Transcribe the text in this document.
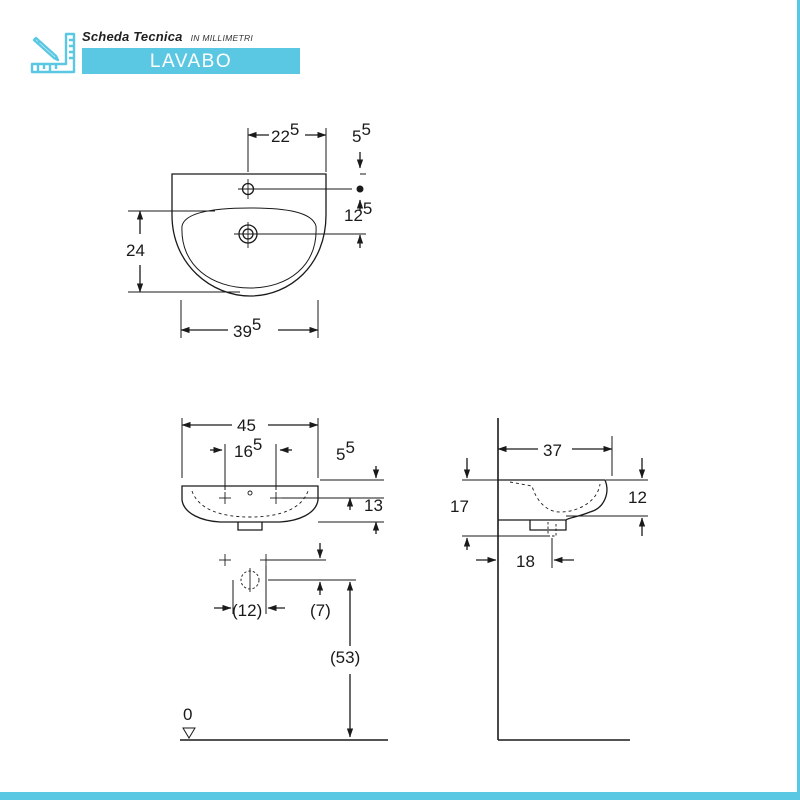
Scheda Tecnica IN MILLIMETRI
LAVABO
225	55
125
24
395
45
165
55
13
(12)	(7)
(53)
0
37
17	12
18
